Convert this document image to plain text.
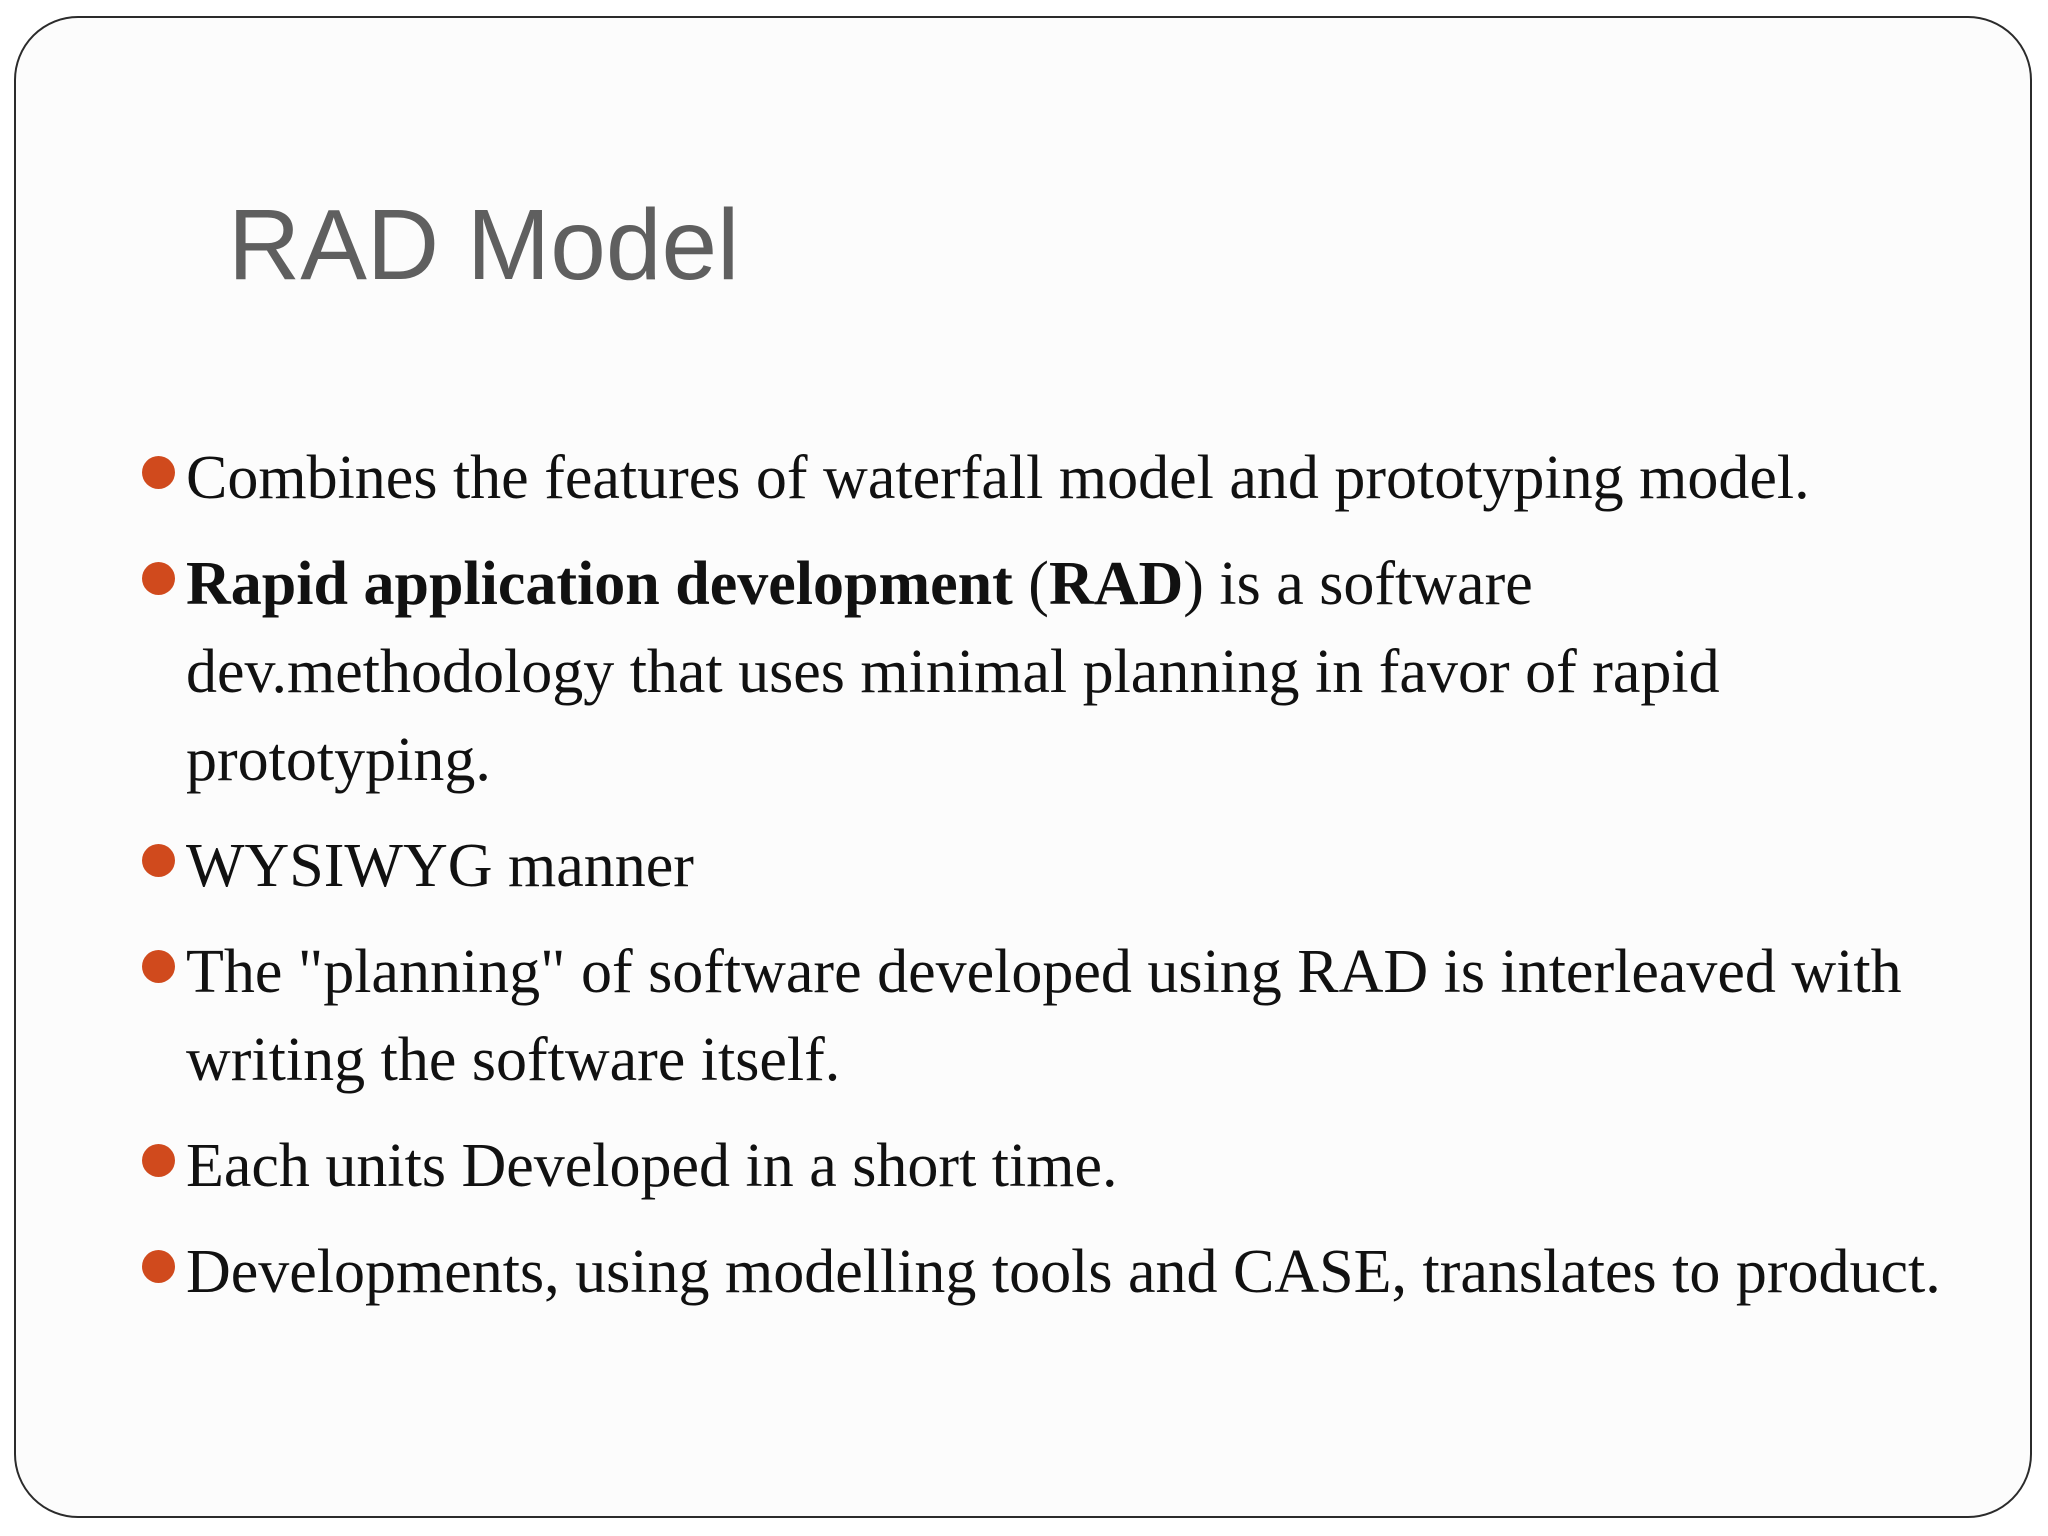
RAD Model
Combines the features of waterfall model and prototyping model.
Rapid application development (RAD) is a software dev.methodology that uses minimal planning in favor of rapid prototyping.
WYSIWYG manner
The "planning" of software developed using RAD is interleaved with writing the software itself.
Each units Developed in a short time.
Developments, using modelling tools and CASE, translates to product.
